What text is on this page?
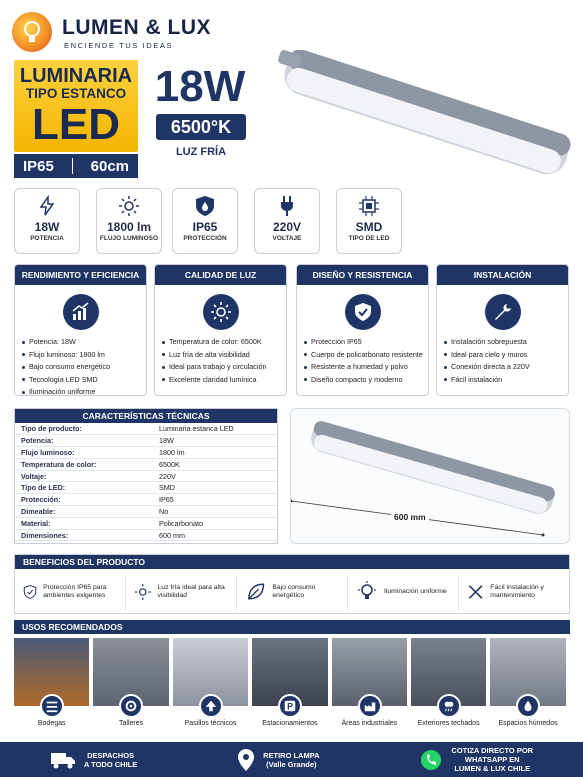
LUMEN & LUX
ENCIENDE TUS IDEAS
LUMINARIA
TIPO ESTANCO
LED
IP65 60cm
18W
6500°K
LUZ FRÍA
18W
POTENCIA
1800 lm
FLUJO LUMINOSO
IP65
PROTECCIÓN
220V
VOLTAJE
SMD
TIPO DE LED
RENDIMIENTO Y EFICIENCIA
Potencia: 18W
Flujo luminoso: 1800 lm
Bajo consumo energético
Tecnología LED SMD
Iluminación uniforme
CALIDAD DE LUZ
Temperatura de color: 6500K
Luz fría de alta visibilidad
Ideal para trabajo y circulación
Excelente claridad lumínica
DISEÑO Y RESISTENCIA
Protección IP65
Cuerpo de policarbonato resistente
Resistente a humedad y polvo
Diseño compacto y moderno
INSTALACIÓN
Instalación sobrepuesta
Ideal para cielo y muros
Conexión directa a 220V
Fácil instalación
CARACTERÍSTICAS TÉCNICAS
Tipo de producto:	Luminaria estanca LED
Potencia:	18W
Flujo luminoso:	1800 lm
Temperatura de color:	6500K
Voltaje:	220V
Tipo de LED:	SMD
Protección:	IP65
Dimeable:	No
Material:	Policarbonato
Dimensiones:	600 mm
600 mm
BENEFICIOS DEL PRODUCTO
Protección IP65 para ambientes exigentes
Luz fría ideal para alta visibilidad
Bajo consumo energético
Iluminación uniforme
Fácil instalación y mantenimiento
USOS RECOMENDADOS
Bodegas	Talleres	Pasillos técnicos
P
Estacionamientos	Áreas industriales	Exteriores techados	Espacios húmedos
DESPACHOS
A TODO CHILE
RETIRO LAMPA
(Valle Grande)
COTIZA DIRECTO POR
WHATSAPP EN
LUMEN & LUX CHILE
